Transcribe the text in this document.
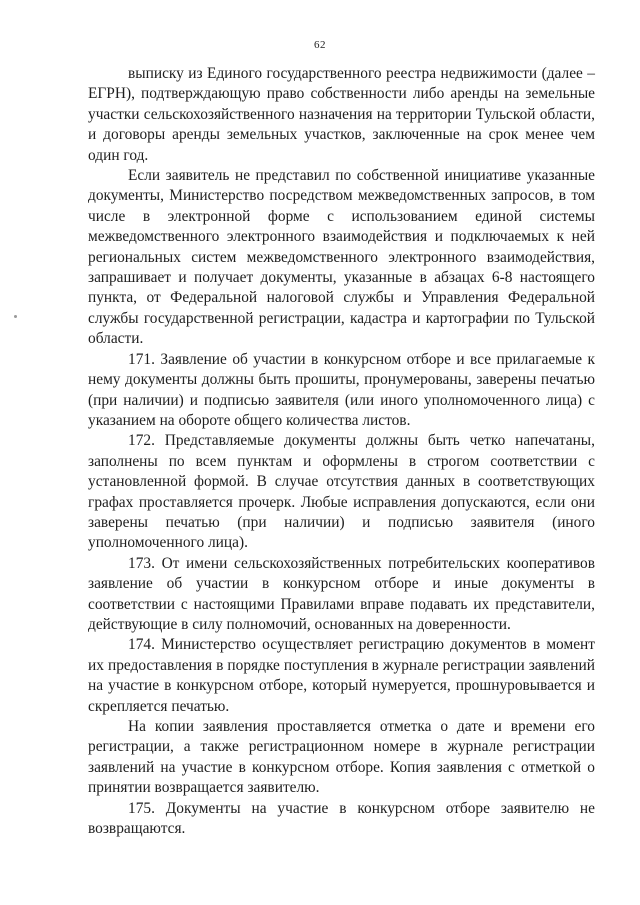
62

выписку из Единого государственного реестра недвижимости (далее – ЕГРН), подтверждающую право собственности либо аренды на земельные участки сельскохозяйственного назначения на территории Тульской области, и договоры аренды земельных участков, заключенные на срок менее чем один год.

Если заявитель не представил по собственной инициативе указанные документы, Министерство посредством межведомственных запросов, в том числе в электронной форме с использованием единой системы межведомственного электронного взаимодействия и подключаемых к ней региональных систем межведомственного электронного взаимодействия, запрашивает и получает документы, указанные в абзацах 6-8 настоящего пункта, от Федеральной налоговой службы и Управления Федеральной службы государственной регистрации, кадастра и картографии по Тульской области.

171. Заявление об участии в конкурсном отборе и все прилагаемые к нему документы должны быть прошиты, пронумерованы, заверены печатью (при наличии) и подписью заявителя (или иного уполномоченного лица) с указанием на обороте общего количества листов.

172. Представляемые документы должны быть четко напечатаны, заполнены по всем пунктам и оформлены в строгом соответствии с установленной формой. В случае отсутствия данных в соответствующих графах проставляется прочерк. Любые исправления допускаются, если они заверены печатью (при наличии) и подписью заявителя (иного уполномоченного лица).

173. От имени сельскохозяйственных потребительских кооперативов заявление об участии в конкурсном отборе и иные документы в соответствии с настоящими Правилами вправе подавать их представители, действующие в силу полномочий, основанных на доверенности.

174. Министерство осуществляет регистрацию документов в момент их предоставления в порядке поступления в журнале регистрации заявлений на участие в конкурсном отборе, который нумеруется, прошнуровывается и скрепляется печатью.

На копии заявления проставляется отметка о дате и времени его регистрации, а также регистрационном номере в журнале регистрации заявлений на участие в конкурсном отборе. Копия заявления с отметкой о принятии возвращается заявителю.

175. Документы на участие в конкурсном отборе заявителю не возвращаются.
